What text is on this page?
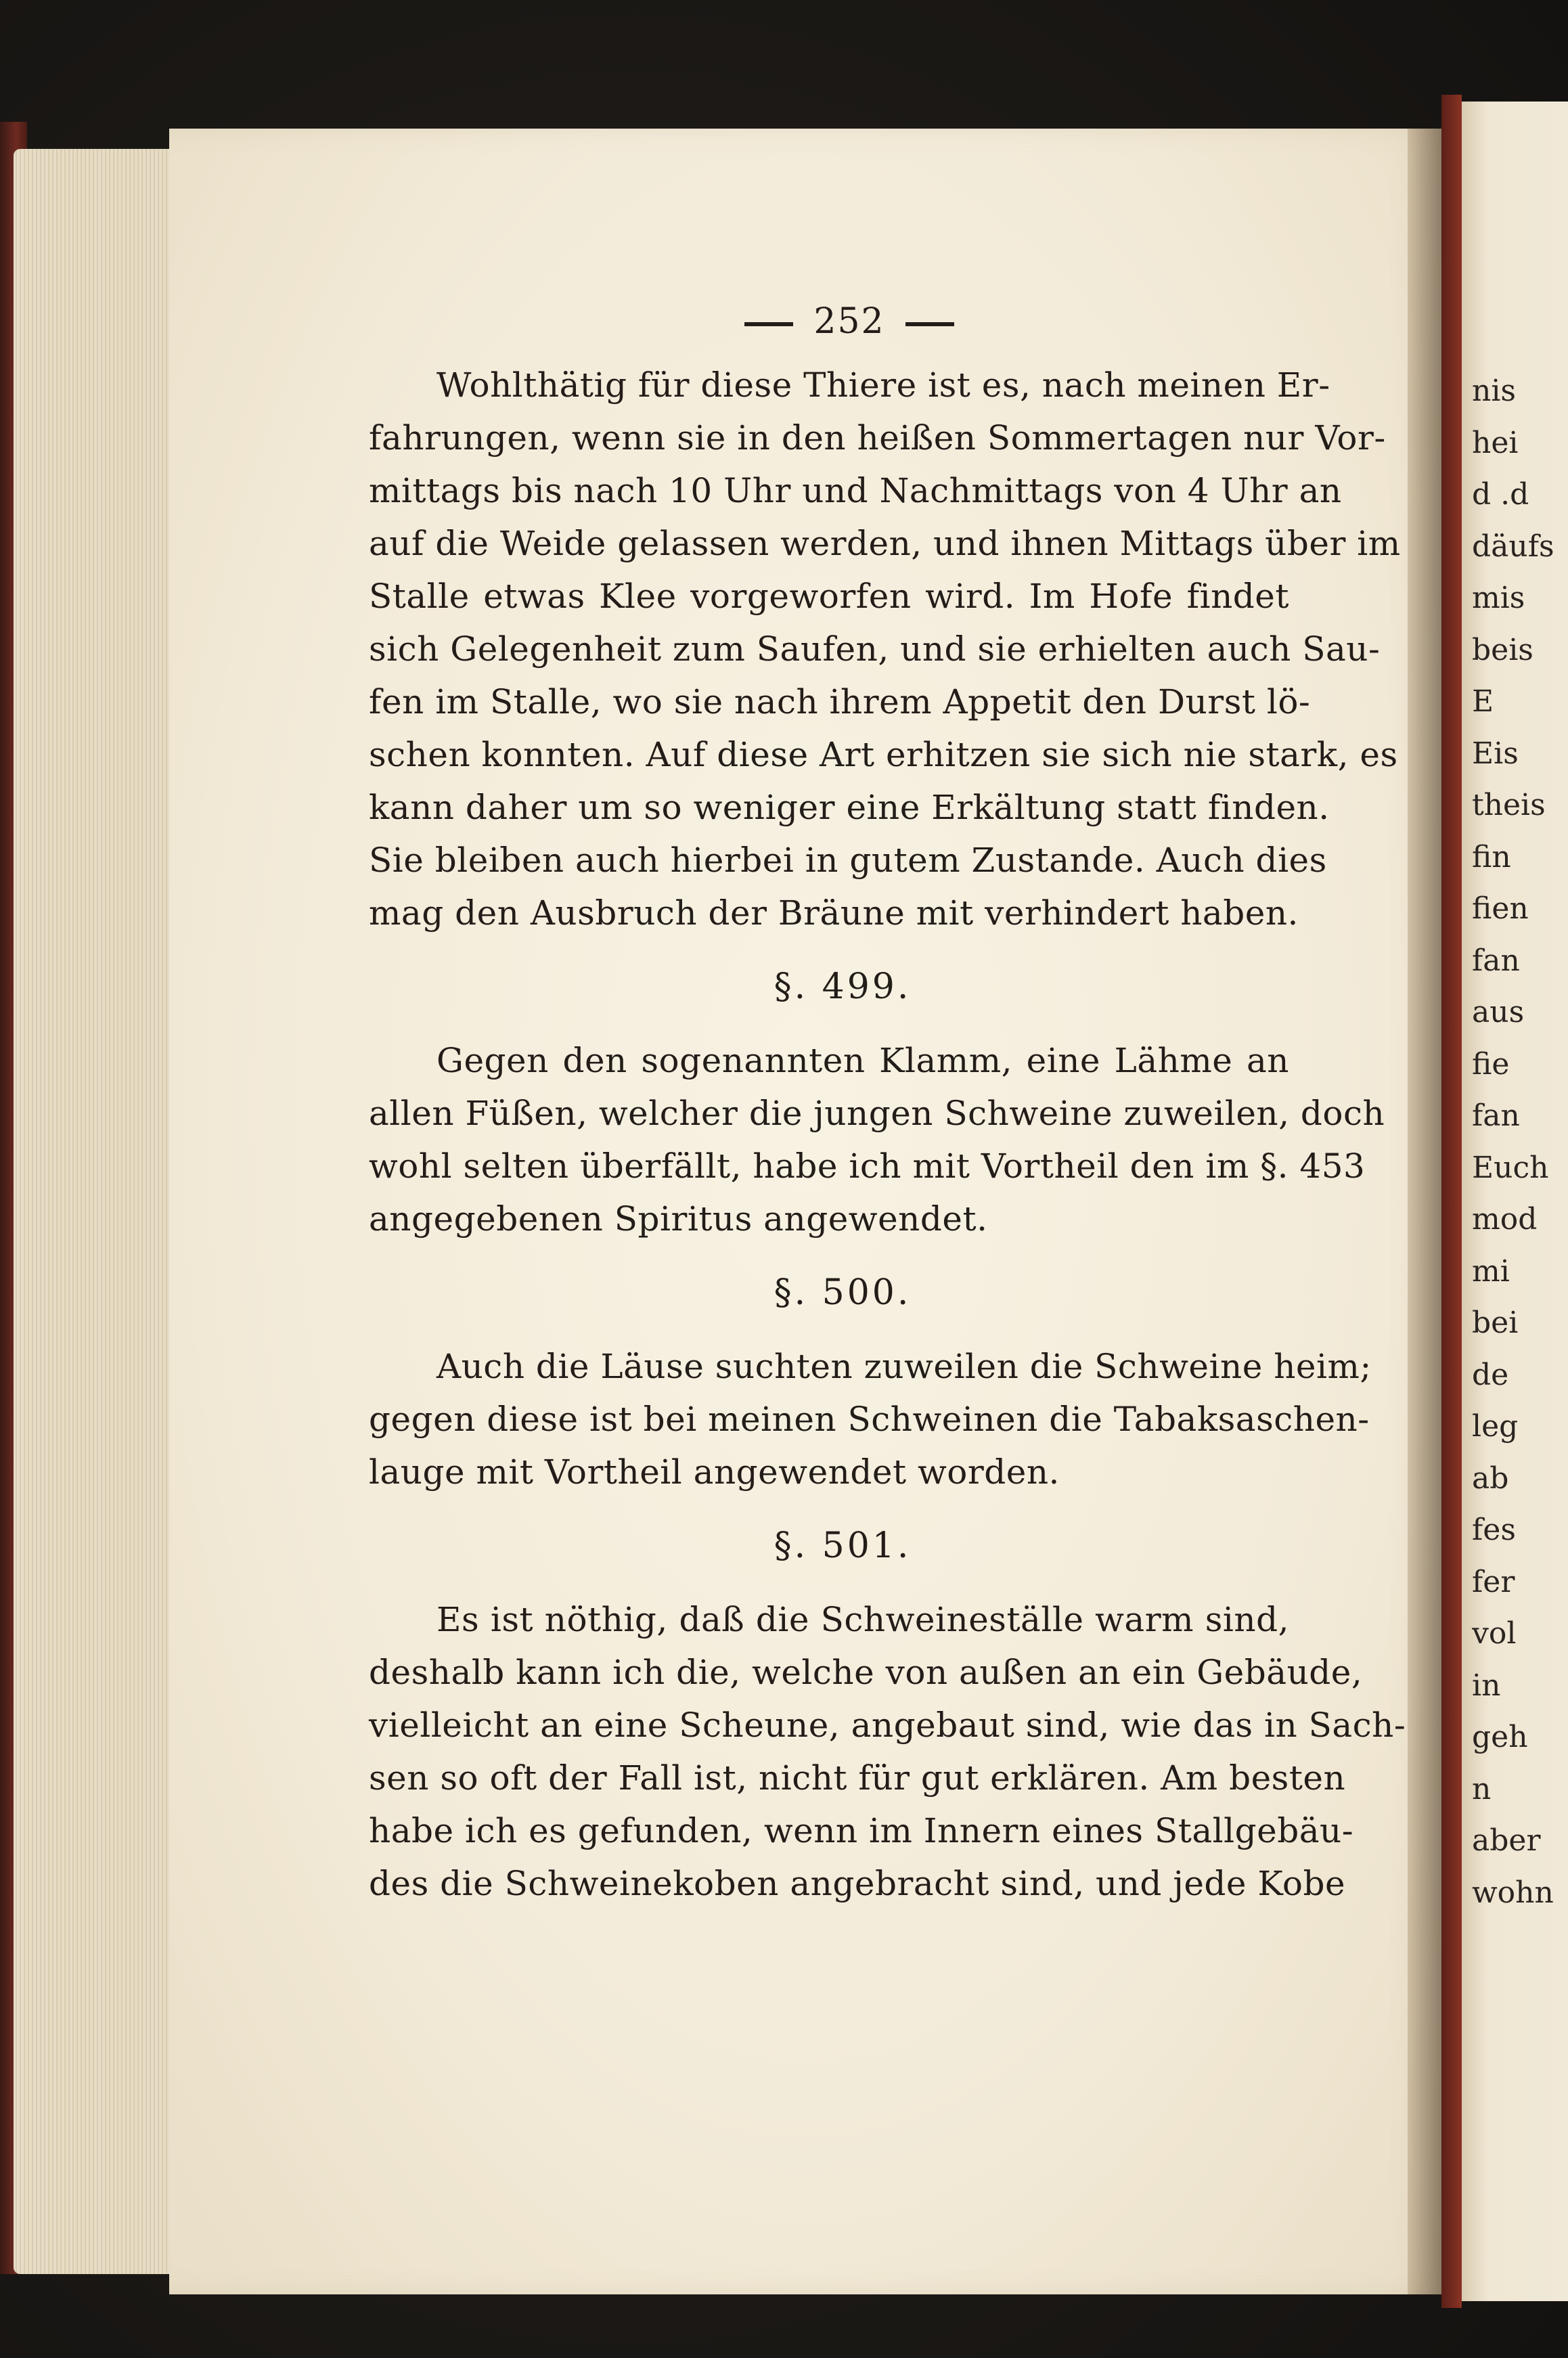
nis
hei
d .d
däufs
mis
beis
E
Eis
theis
fin
fien
fan
aus
fie
fan
Euch
mod
mi
bei
de
leg
ab
fes
fer
vol
in
geh
n
aber
wohn
252
Wohlthätig für diese Thiere ist es, nach meinen Er-
fahrungen, wenn sie in den heißen Sommertagen nur Vor-
mittags bis nach 10 Uhr und Nachmittags von 4 Uhr an
auf die Weide gelassen werden, und ihnen Mittags über im
Stalle etwas Klee vorgeworfen wird. Im Hofe findet
sich Gelegenheit zum Saufen, und sie erhielten auch Sau-
fen im Stalle, wo sie nach ihrem Appetit den Durst lö-
schen konnten. Auf diese Art erhitzen sie sich nie stark, es
kann daher um so weniger eine Erkältung statt finden.
Sie bleiben auch hierbei in gutem Zustande. Auch dies
mag den Ausbruch der Bräune mit verhindert haben.
§. 499.
Gegen den sogenannten Klamm, eine Lähme an
allen Füßen, welcher die jungen Schweine zuweilen, doch
wohl selten überfällt, habe ich mit Vortheil den im §. 453
angegebenen Spiritus angewendet.
§. 500.
Auch die Läuse suchten zuweilen die Schweine heim;
gegen diese ist bei meinen Schweinen die Tabaksaschen-
lauge mit Vortheil angewendet worden.
§. 501.
Es ist nöthig, daß die Schweineställe warm sind,
deshalb kann ich die, welche von außen an ein Gebäude,
vielleicht an eine Scheune, angebaut sind, wie das in Sach-
sen so oft der Fall ist, nicht für gut erklären. Am besten
habe ich es gefunden, wenn im Innern eines Stallgebäu-
des die Schweinekoben angebracht sind, und jede Kobe
